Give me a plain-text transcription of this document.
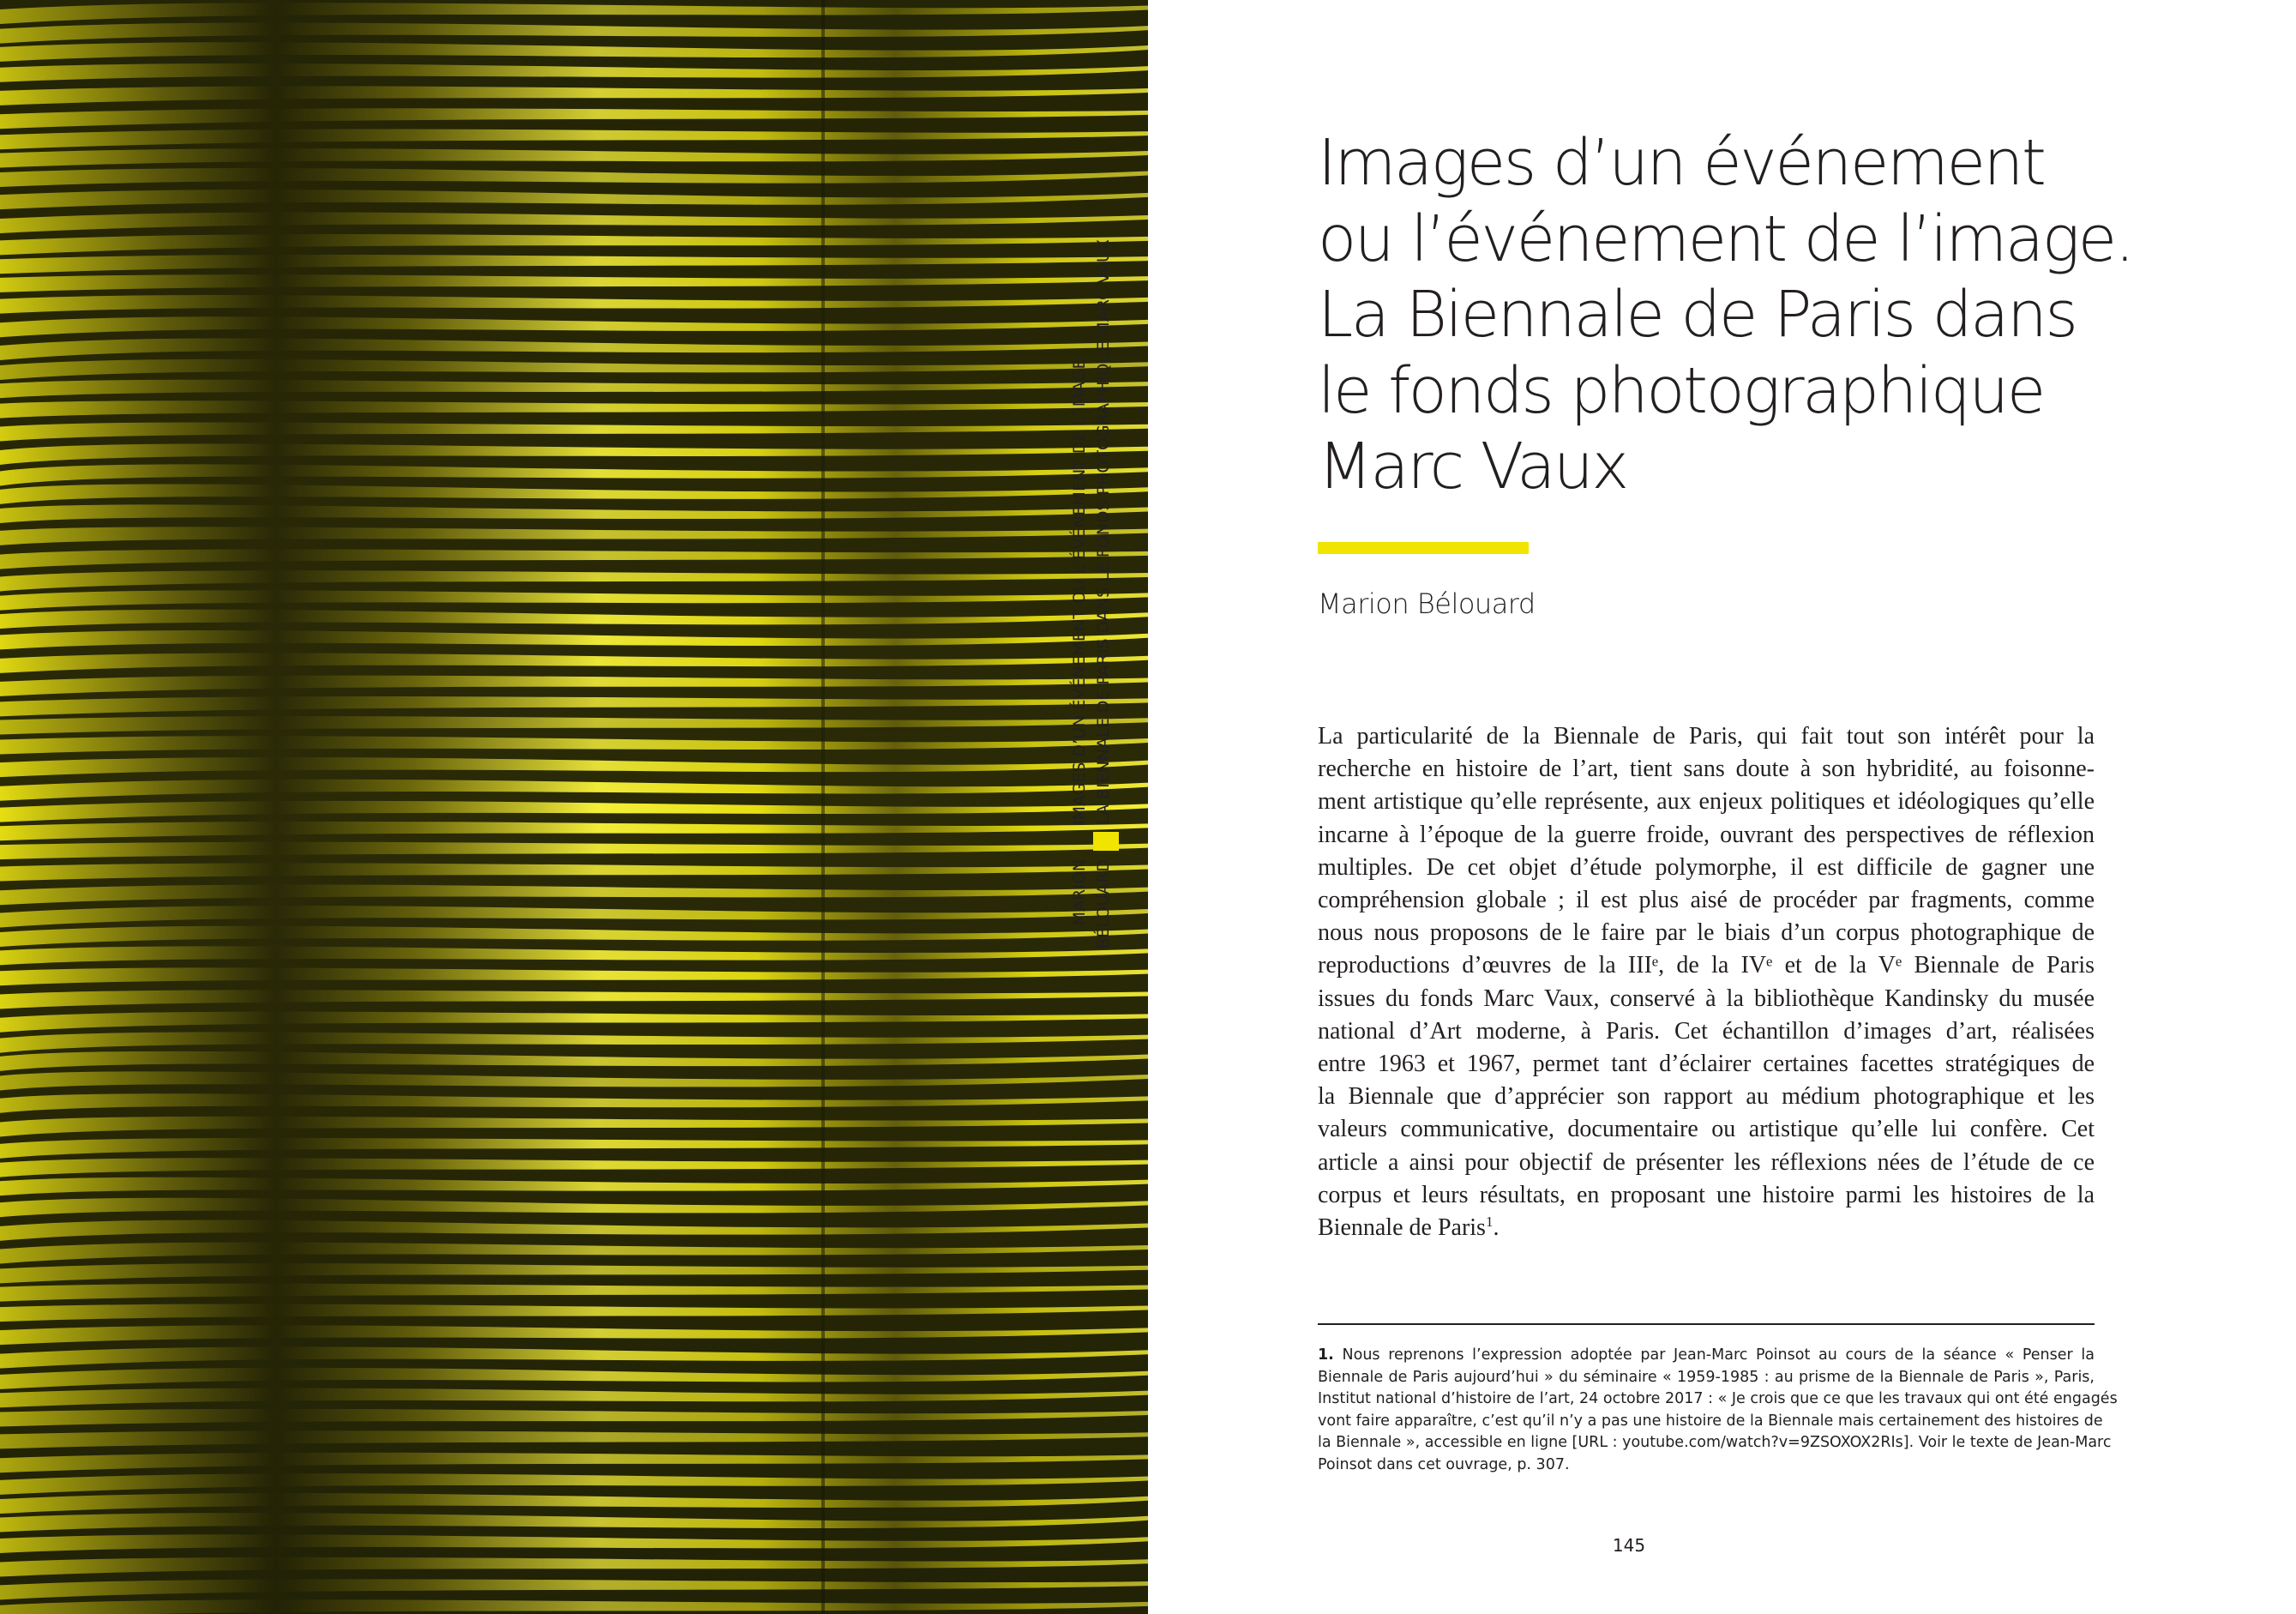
Images d’un événement
ou l’événement de l’image.
La Biennale de Paris dans
le fonds photographique
Marc Vaux

Marion Bélouard

La particularité de la Biennale de Paris, qui fait tout son intérêt pour la
recherche en histoire de l’art, tient sans doute à son hybridité, au foisonne-
ment artistique qu’elle représente, aux enjeux politiques et idéologiques qu’elle
incarne à l’époque de la guerre froide, ouvrant des perspectives de réflexion
multiples. De cet objet d’étude polymorphe, il est difficile de gagner une
compréhension globale ; il est plus aisé de procéder par fragments, comme
nous nous proposons de le faire par le biais d’un corpus photographique de
reproductions d’œuvres de la IIIᵉ, de la IVᵉ et de la Vᵉ Biennale de Paris
issues du fonds Marc Vaux, conservé à la bibliothèque Kandinsky du musée
national d’Art moderne, à Paris. Cet échantillon d’images d’art, réalisées
entre 1963 et 1967, permet tant d’éclairer certaines facettes stratégiques de
la Biennale que d’apprécier son rapport au médium photographique et les
valeurs communicative, documentaire ou artistique qu’elle lui confère. Cet
article a ainsi pour objectif de présenter les réflexions nées de l’étude de ce
corpus et leurs résultats, en proposant une histoire parmi les histoires de la
Biennale de Paris$^1$.
1. Nous reprenons l’expression adoptée par Jean-Marc Poinsot au cours de la séance « Penser la
Biennale de Paris aujourd’hui » du séminaire « 1959-1985 : au prisme de la Biennale de Paris », Paris,
Institut national d’histoire de l’art, 24 octobre 2017 : « Je crois que ce que les travaux qui ont été engagés
vont faire apparaître, c’est qu’il n’y a pas une histoire de la Biennale mais certainement des histoires de
la Biennale », accessible en ligne [URL : youtube.com/watch?v=9ZSOXOX2RIs]. Voir le texte de Jean-Marc
Poinsot dans cet ouvrage, p. 307.
145
MARION BÉLOUARD
IMAGES D’UN ÉVÉNEMENT OU L’ÉVÉNEMENT DE L’IMAGE. LA BIENNALE DE PARIS DANS LE FONDS PHOTOGRAPHIQUE MARC VAUX
